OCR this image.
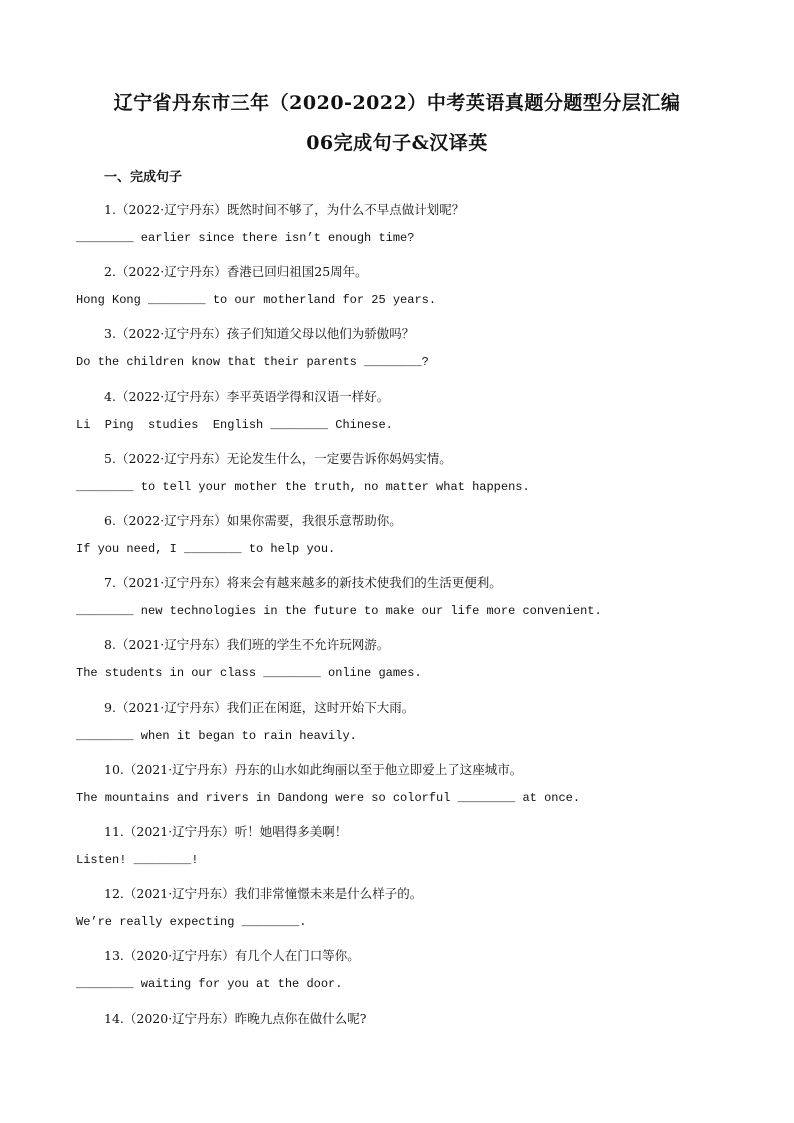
辽宁省丹东市三年（2020-2022）中考英语真题分题型分层汇编
06完成句子&汉译英
一、完成句子
1.（2022·辽宁丹东）既然时间不够了，为什么不早点做计划呢？
________ earlier since there isn’t enough time?
2.（2022·辽宁丹东）香港已回归祖国25周年。
Hong Kong ________ to our motherland for 25 years.
3.（2022·辽宁丹东）孩子们知道父母以他们为骄傲吗？
Do the children know that their parents ________?
4.（2022·辽宁丹东）李平英语学得和汉语一样好。
Li  Ping  studies  English ________ Chinese.
5.（2022·辽宁丹东）无论发生什么，一定要告诉你妈妈实情。
________ to tell your mother the truth, no matter what happens.
6.（2022·辽宁丹东）如果你需要，我很乐意帮助你。
If you need, I ________ to help you.
7.（2021·辽宁丹东）将来会有越来越多的新技术使我们的生活更便利。
________ new technologies in the future to make our life more convenient.
8.（2021·辽宁丹东）我们班的学生不允许玩网游。
The students in our class ________ online games.
9.（2021·辽宁丹东）我们正在闲逛，这时开始下大雨。
________ when it began to rain heavily.
10.（2021·辽宁丹东）丹东的山水如此绚丽以至于他立即爱上了这座城市。
The mountains and rivers in Dandong were so colorful ________ at once.
11.（2021·辽宁丹东）听！她唱得多美啊！
Listen! ________!
12.（2021·辽宁丹东）我们非常憧憬未来是什么样子的。
We’re really expecting ________.
13.（2020·辽宁丹东）有几个人在门口等你。
________ waiting for you at the door.
14.（2020·辽宁丹东）昨晚九点你在做什么呢?
